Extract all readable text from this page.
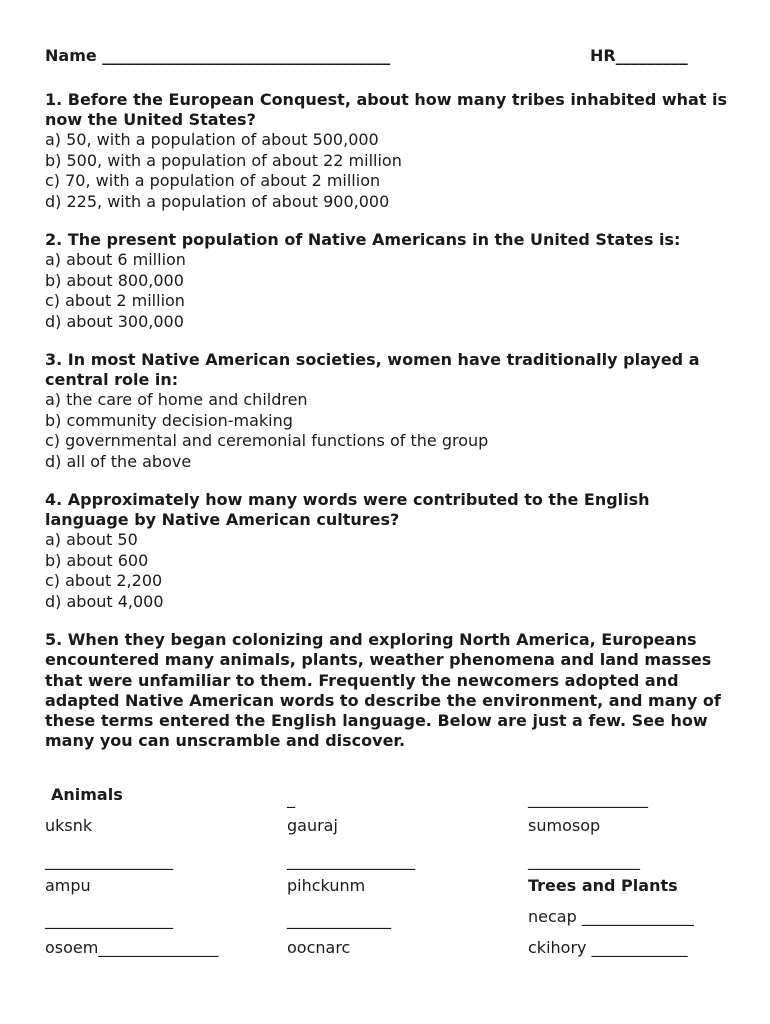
Name ____________________________________	HR_________

1. Before the European Conquest, about how many tribes inhabited what is now the United States?

a) 50, with a population of about 500,000
b) 500, with a population of about 22 million
c) 70, with a population of about 2 million
d) 225, with a population of about 900,000

2. The present population of Native Americans in the United States is:

a) about 6 million
b) about 800,000
c) about 2 million
d) about 300,000

3. In most Native American societies, women have traditionally played a central role in:

a) the care of home and children
b) community decision-making
c) governmental and ceremonial functions of the group
d) all of the above

4. Approximately how many words were contributed to the English language by Native American cultures?

a) about 50
b) about 600
c) about 2,200
d) about 4,000

5. When they began colonizing and exploring North America, Europeans encountered many animals, plants, weather phenomena and land masses that were unfamiliar to them. Frequently the newcomers adopted and adapted Native American words to describe the environment, and many of these terms entered the English language. Below are just a few. See how many you can unscramble and discover.

Animals	_	_______________
uksnk	gauraj	sumosop
________________	________________	______________
ampu	pihckunm	Trees and Plants
________________	_____________	necap ______________
osoem_______________	oocnarc	ckihory ____________
